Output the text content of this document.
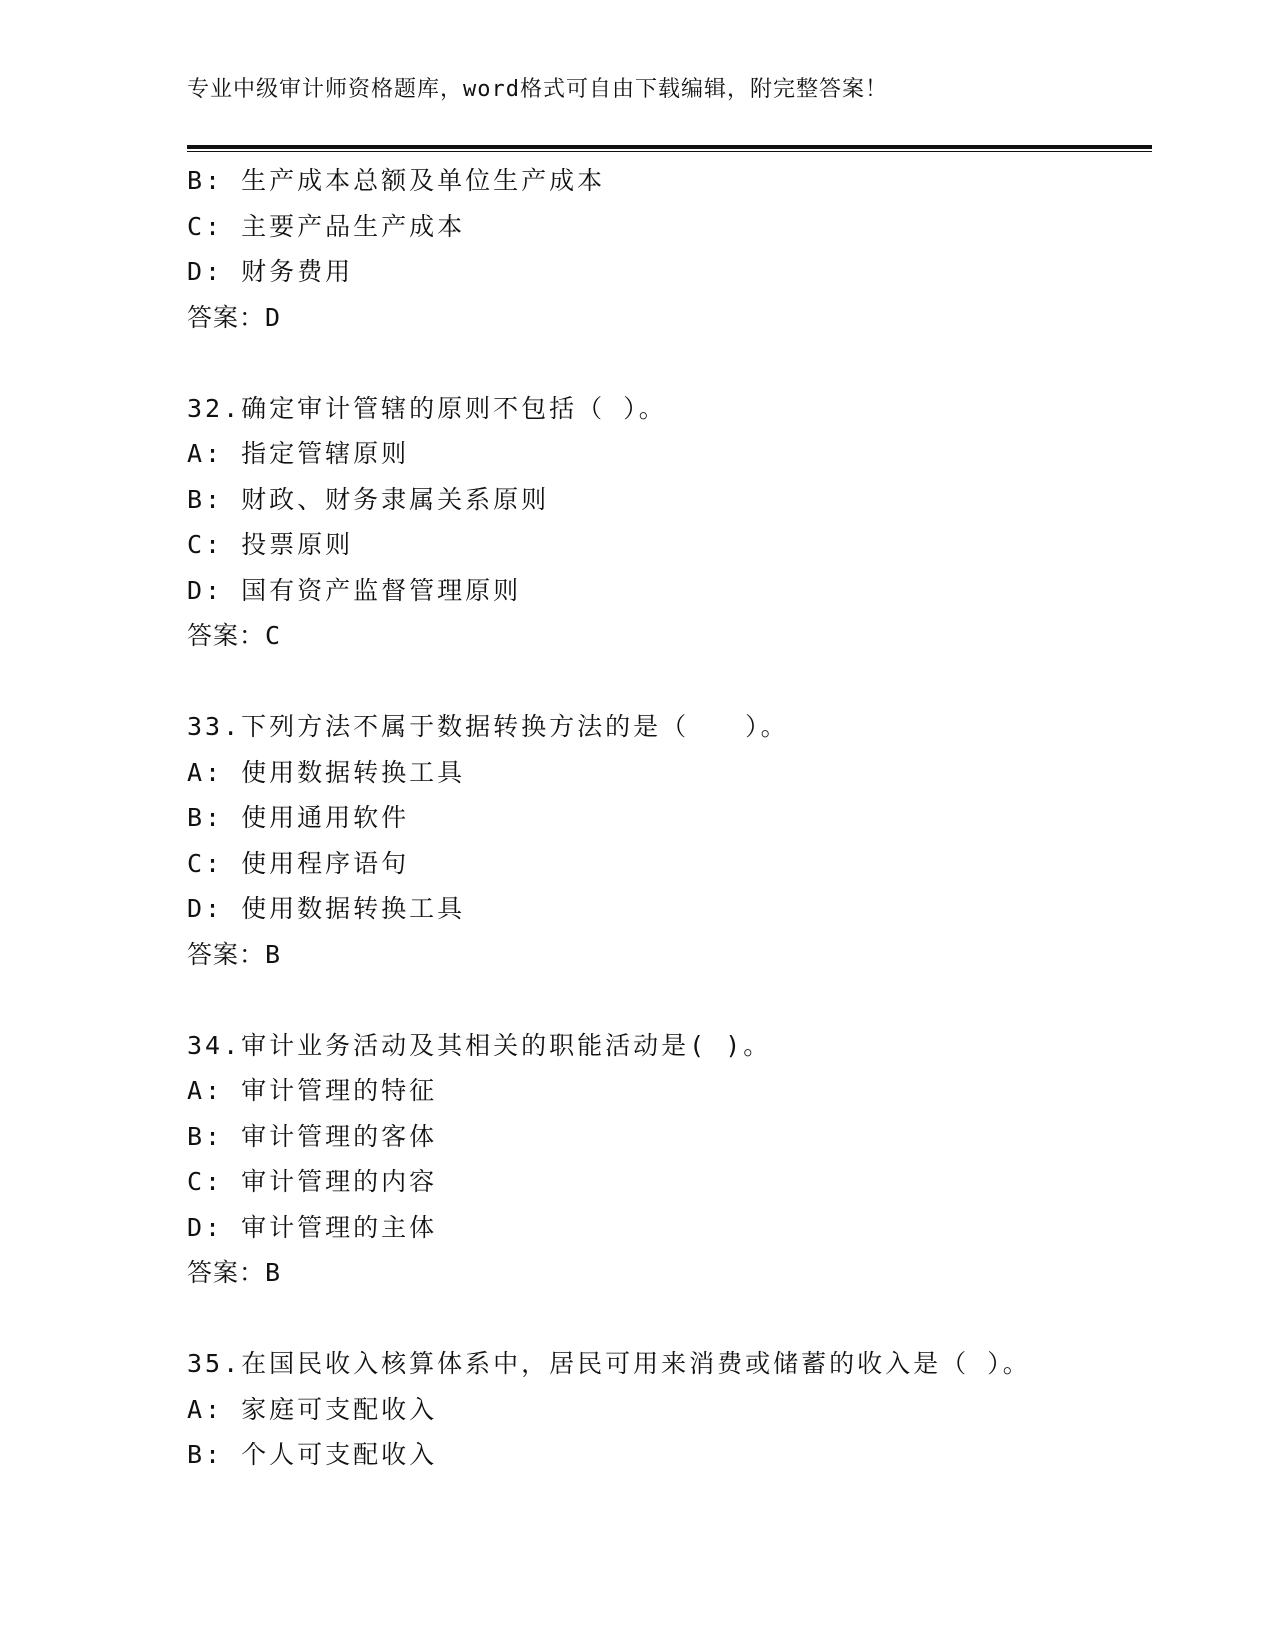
专业中级审计师资格题库，word格式可自由下载编辑，附完整答案！
B: 生产成本总额及单位生产成本
C: 主要产品生产成本
D: 财务费用
答案：D
32.确定审计管辖的原则不包括（ ）。
A: 指定管辖原则
B: 财政、财务隶属关系原则
C: 投票原则
D: 国有资产监督管理原则
答案：C
33.下列方法不属于数据转换方法的是（　　）。
A: 使用数据转换工具
B: 使用通用软件
C: 使用程序语句
D: 使用数据转换工具
答案：B
34.审计业务活动及其相关的职能活动是( )。
A: 审计管理的特征
B: 审计管理的客体
C: 审计管理的内容
D: 审计管理的主体
答案：B
35.在国民收入核算体系中，居民可用来消费或储蓄的收入是（ ）。
A: 家庭可支配收入
B: 个人可支配收入
